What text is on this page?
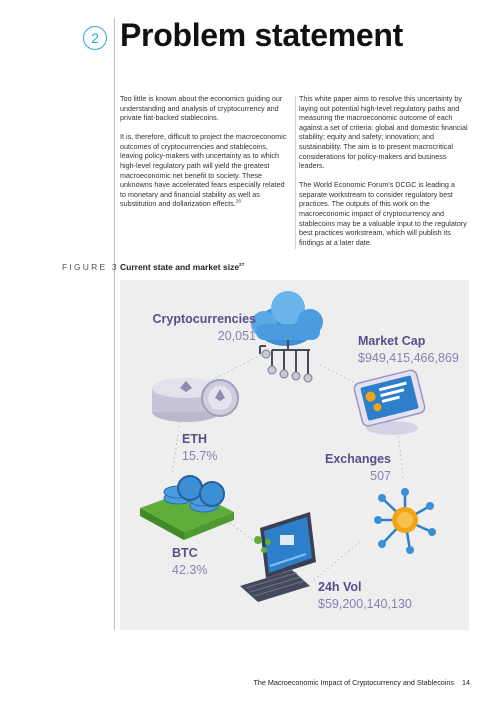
2 Problem statement

Too little is known about the economics guiding our understanding and analysis of cryptocurrency and private fiat-backed stablecoins.

It is, therefore, difficult to project the macroeconomic outcomes of cryptocurrencies and stablecoins, leaving policy-makers with uncertainty as to which high-level regulatory path will yield the greatest macroeconomic net benefit to society. These unknowns have accelerated fears especially related to monetary and financial stability as well as substitution and dollarization effects.$^{26}$

This white paper aims to resolve this uncertainty by laying out potential high-level regulatory paths and measuring the macroeconomic outcome of each against a set of criteria: global and domestic financial stability; equity and safety; innovation; and sustainability. The aim is to present macrocritical considerations for policy-makers and business leaders.

The World Economic Forum's DCGC is leading a separate workstream to consider regulatory best practices. The outputs of this work on the macroeconomic impact of cryptocurrency and stablecoins may be a valuable input to the regulatory best practices workstream, which will publish its findings at a later date.

FIGURE 3 Current state and market size$^{27}$
Cryptocurrencies
20,051	Market Cap
$949,415,466,869
ETH
15.7%	Exchanges
507
BTC
42.3%
24h Vol
$59,200,140,130
The Macroeconomic Impact of Cryptocurrency and Stablecoins 14
